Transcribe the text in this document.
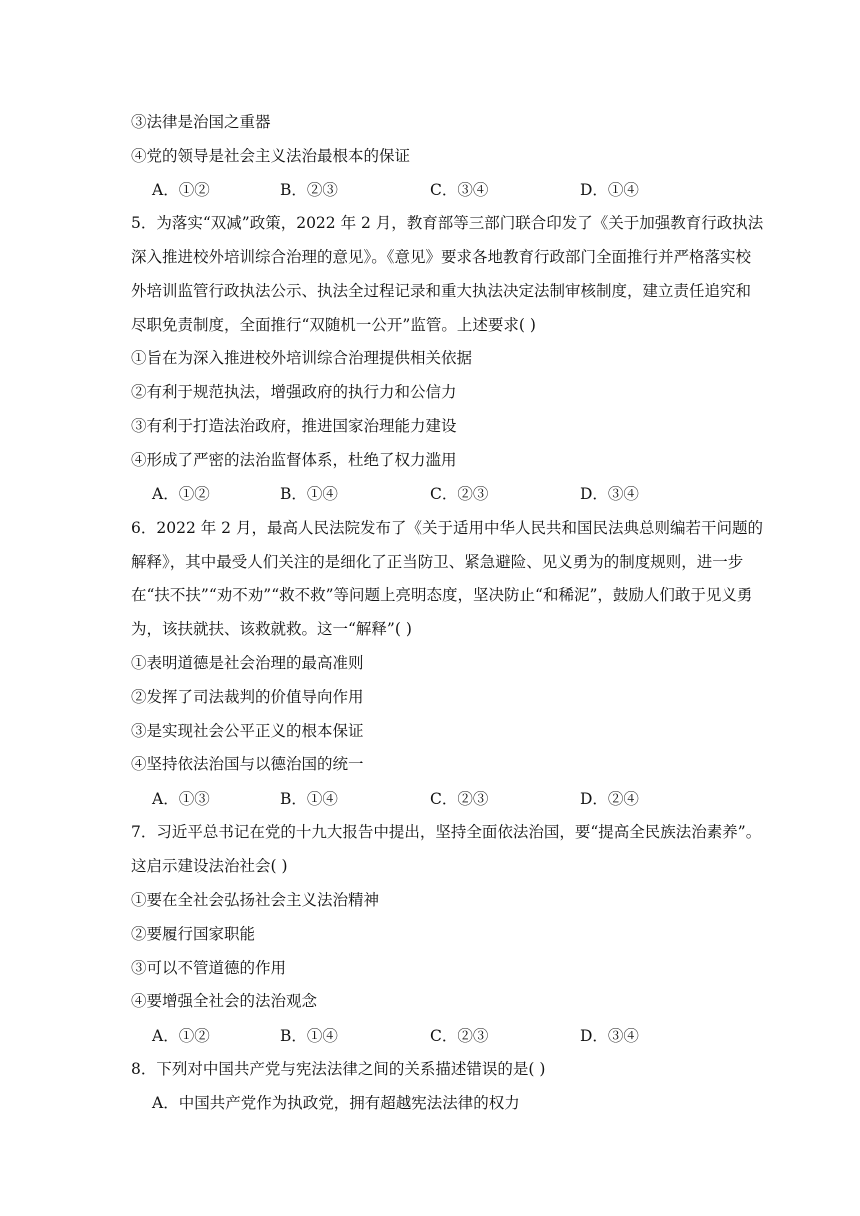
③法律是治国之重器
④党的领导是社会主义法治最根本的保证
A．①②	B．②③	C．③④	D．①④
5．为落实“双减”政策，2022 年 2 月，教育部等三部门联合印发了《关于加强教育行政执法
深入推进校外培训综合治理的意见》。《意见》要求各地教育行政部门全面推行并严格落实校
外培训监管行政执法公示、执法全过程记录和重大执法决定法制审核制度，建立责任追究和
尽职免责制度，全面推行“双随机一公开”监管。上述要求( )
①旨在为深入推进校外培训综合治理提供相关依据
②有利于规范执法，增强政府的执行力和公信力
③有利于打造法治政府，推进国家治理能力建设
④形成了严密的法治监督体系，杜绝了权力滥用
A．①②	B．①④	C．②③	D．③④
6．2022 年 2 月，最高人民法院发布了《关于适用中华人民共和国民法典总则编若干问题的
解释》，其中最受人们关注的是细化了正当防卫、紧急避险、见义勇为的制度规则，进一步
在“扶不扶”“劝不劝”“救不救”等问题上亮明态度，坚决防止“和稀泥”，鼓励人们敢于见义勇
为，该扶就扶、该救就救。这一“解释”( )
①表明道德是社会治理的最高准则
②发挥了司法裁判的价值导向作用
③是实现社会公平正义的根本保证
④坚持依法治国与以德治国的统一
A．①③	B．①④	C．②③	D．②④
7．习近平总书记在党的十九大报告中提出，坚持全面依法治国，要“提高全民族法治素养”。
这启示建设法治社会( )
①要在全社会弘扬社会主义法治精神
②要履行国家职能
③可以不管道德的作用
④要增强全社会的法治观念
A．①②	B．①④	C．②③	D．③④
8．下列对中国共产党与宪法法律之间的关系描述错误的是( )
A．中国共产党作为执政党，拥有超越宪法法律的权力
